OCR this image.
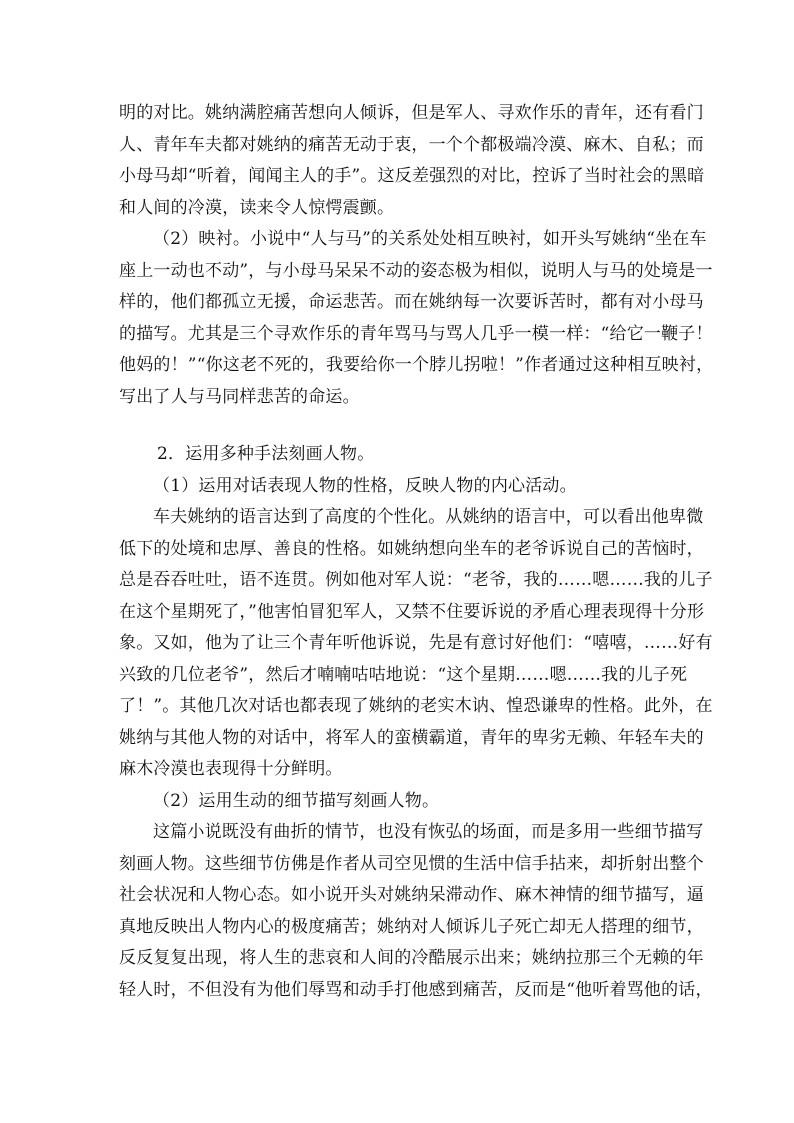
明的对比。姚纳满腔痛苦想向人倾诉，但是军人、寻欢作乐的青年，还有看门
人、青年车夫都对姚纳的痛苦无动于衷，一个个都极端冷漠、麻木、自私；而
小母马却“听着，闻闻主人的手”。这反差强烈的对比，控诉了当时社会的黑暗
和人间的冷漠，读来令人惊愕震颤。
（2）映衬。小说中“人与马”的关系处处相互映衬，如开头写姚纳“坐在车
座上一动也不动”，与小母马呆呆不动的姿态极为相似，说明人与马的处境是一
样的，他们都孤立无援，命运悲苦。而在姚纳每一次要诉苦时，都有对小母马
的描写。尤其是三个寻欢作乐的青年骂马与骂人几乎一模一样：“给它一鞭子！
他妈的！”“你这老不死的，我要给你一个脖儿拐啦！”作者通过这种相互映衬，
写出了人与马同样悲苦的命运。
2．运用多种手法刻画人物。
（1）运用对话表现人物的性格，反映人物的内心活动。
车夫姚纳的语言达到了高度的个性化。从姚纳的语言中，可以看出他卑微
低下的处境和忠厚、善良的性格。如姚纳想向坐车的老爷诉说自己的苦恼时，
总是吞吞吐吐，语不连贯。例如他对军人说：“老爷，我的……嗯……我的儿子
在这个星期死了，”他害怕冒犯军人，又禁不住要诉说的矛盾心理表现得十分形
象。又如，他为了让三个青年听他诉说，先是有意讨好他们：“嘻嘻，……好有
兴致的几位老爷”，然后才喃喃咕咕地说：“这个星期……嗯……我的儿子死
了！”。其他几次对话也都表现了姚纳的老实木讷、惶恐谦卑的性格。此外，在
姚纳与其他人物的对话中，将军人的蛮横霸道，青年的卑劣无赖、年轻车夫的
麻木冷漠也表现得十分鲜明。
（2）运用生动的细节描写刻画人物。
这篇小说既没有曲折的情节，也没有恢弘的场面，而是多用一些细节描写
刻画人物。这些细节仿佛是作者从司空见惯的生活中信手拈来，却折射出整个
社会状况和人物心态。如小说开头对姚纳呆滞动作、麻木神情的细节描写，逼
真地反映出人物内心的极度痛苦；姚纳对人倾诉儿子死亡却无人搭理的细节，
反反复复出现，将人生的悲哀和人间的冷酷展示出来；姚纳拉那三个无赖的年
轻人时，不但没有为他们辱骂和动手打他感到痛苦，反而是“他听着骂他的话，
